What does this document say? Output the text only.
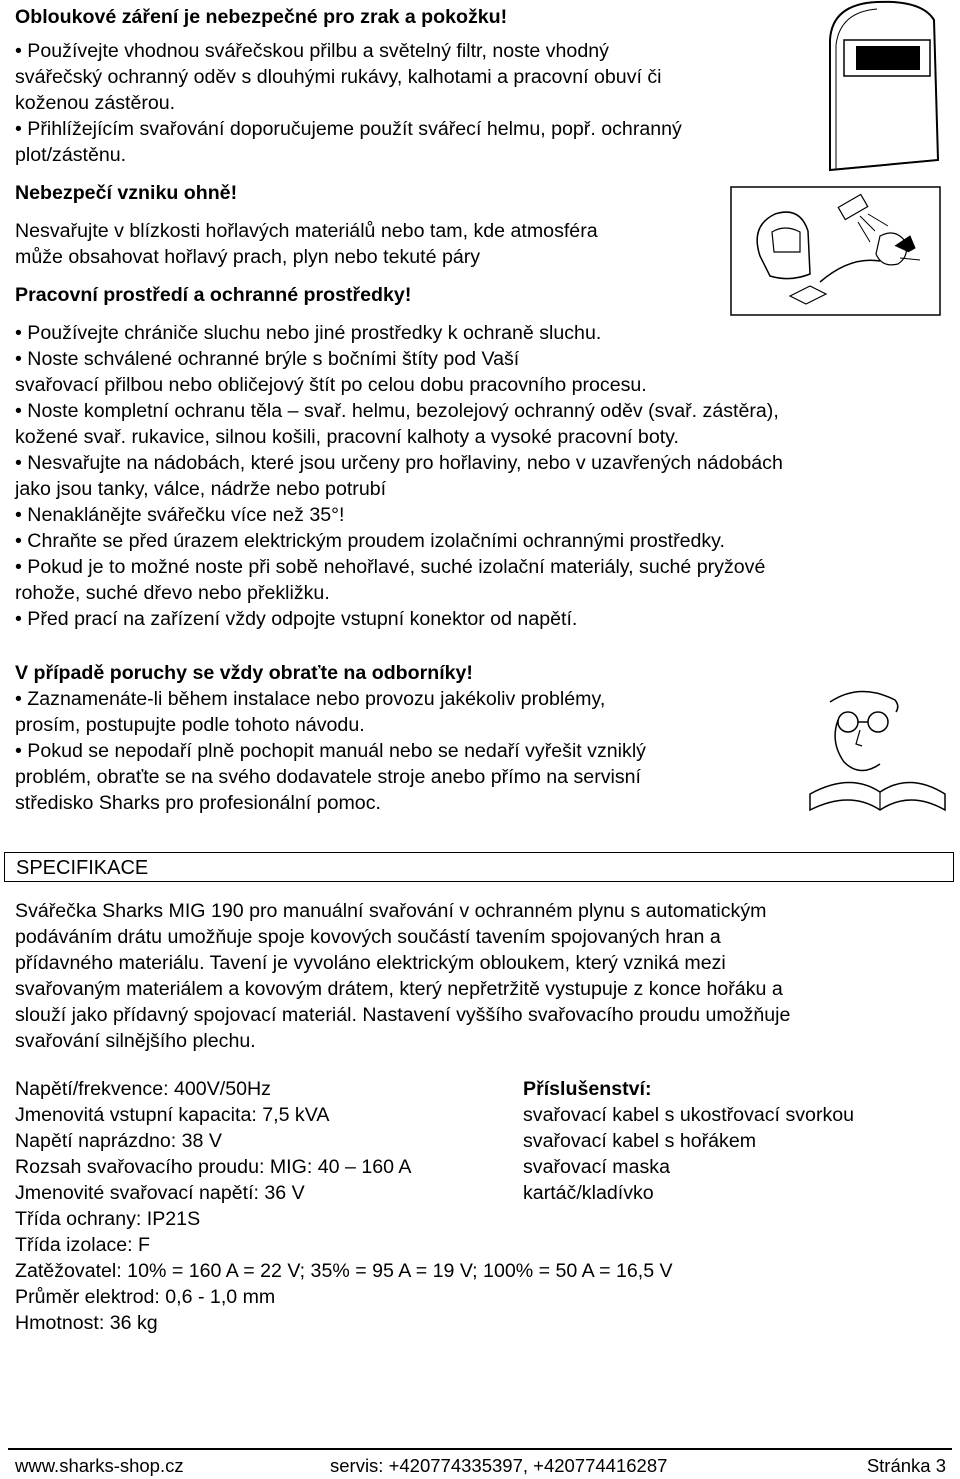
Obloukové záření je nebezpečné pro zrak a pokožku!
• Používejte vhodnou svářečskou přilbu a světelný filtr, noste vhodný
svářečský ochranný oděv s dlouhými rukávy, kalhotami a pracovní obuví či
koženou zástěrou.
• Přihlížejícím svařování doporučujeme použít svářecí helmu, popř. ochranný
plot/zástěnu.
Nebezpečí vzniku ohně!
Nesvařujte v blízkosti hořlavých materiálů nebo tam, kde atmosféra
může obsahovat hořlavý prach, plyn nebo tekuté páry
Pracovní prostředí a ochranné prostředky!
• Používejte chrániče sluchu nebo jiné prostředky k ochraně sluchu.
• Noste schválené ochranné brýle s bočními štíty pod Vaší
svařovací přilbou nebo obličejový štít po celou dobu pracovního procesu.
• Noste kompletní ochranu těla – svař. helmu, bezolejový ochranný oděv (svař. zástěra),
kožené svař. rukavice, silnou košili, pracovní kalhoty a vysoké pracovní boty.
• Nesvařujte na nádobách, které jsou určeny pro hořlaviny, nebo v uzavřených nádobách
jako jsou tanky, válce, nádrže nebo potrubí
• Nenaklánějte svářečku více než 35°!
• Chraňte se před úrazem elektrickým proudem izolačními ochrannými prostředky.
• Pokud je to možné noste při sobě nehořlavé, suché izolační materiály, suché pryžové
rohože, suché dřevo nebo překližku.
• Před prací na zařízení vždy odpojte vstupní konektor od napětí.
V případě poruchy se vždy obraťte na odborníky!
• Zaznamenáte-li během instalace nebo provozu jakékoliv problémy,
prosím, postupujte podle tohoto návodu.
• Pokud se nepodaří plně pochopit manuál nebo se nedaří vyřešit vzniklý
problém, obraťte se na svého dodavatele stroje anebo přímo na servisní
středisko Sharks pro profesionální pomoc.
SPECIFIKACE
Svářečka Sharks MIG 190 pro manuální svařování v ochranném plynu s automatickým
podáváním drátu umožňuje spoje kovových součástí tavením spojovaných hran a
přídavného materiálu. Tavení je vyvoláno elektrickým obloukem, který vzniká mezi
svařovaným materiálem a kovovým drátem, který nepřetržitě vystupuje z konce hořáku a
slouží jako přídavný spojovací materiál. Nastavení vyššího svařovacího proudu umožňuje
svařování silnějšího plechu.
Napětí/frekvence: 400V/50Hz
Jmenovitá vstupní kapacita: 7,5 kVA
Napětí naprázdno: 38 V
Rozsah svařovacího proudu: MIG: 40 – 160 A
Jmenovité svařovací napětí: 36 V
Třída ochrany: IP21S
Třída izolace: F
Zatěžovatel: 10% = 160 A = 22 V; 35% = 95 A = 19 V; 100% = 50 A = 16,5 V
Průměr elektrod: 0,6 - 1,0 mm
Hmotnost: 36 kg
Příslušenství:
svařovací kabel s ukostřovací svorkou
svařovací kabel s hořákem
svařovací maska
kartáč/kladívko
www.sharks-shop.cz	servis: +420774335397, +420774416287	Stránka 3
